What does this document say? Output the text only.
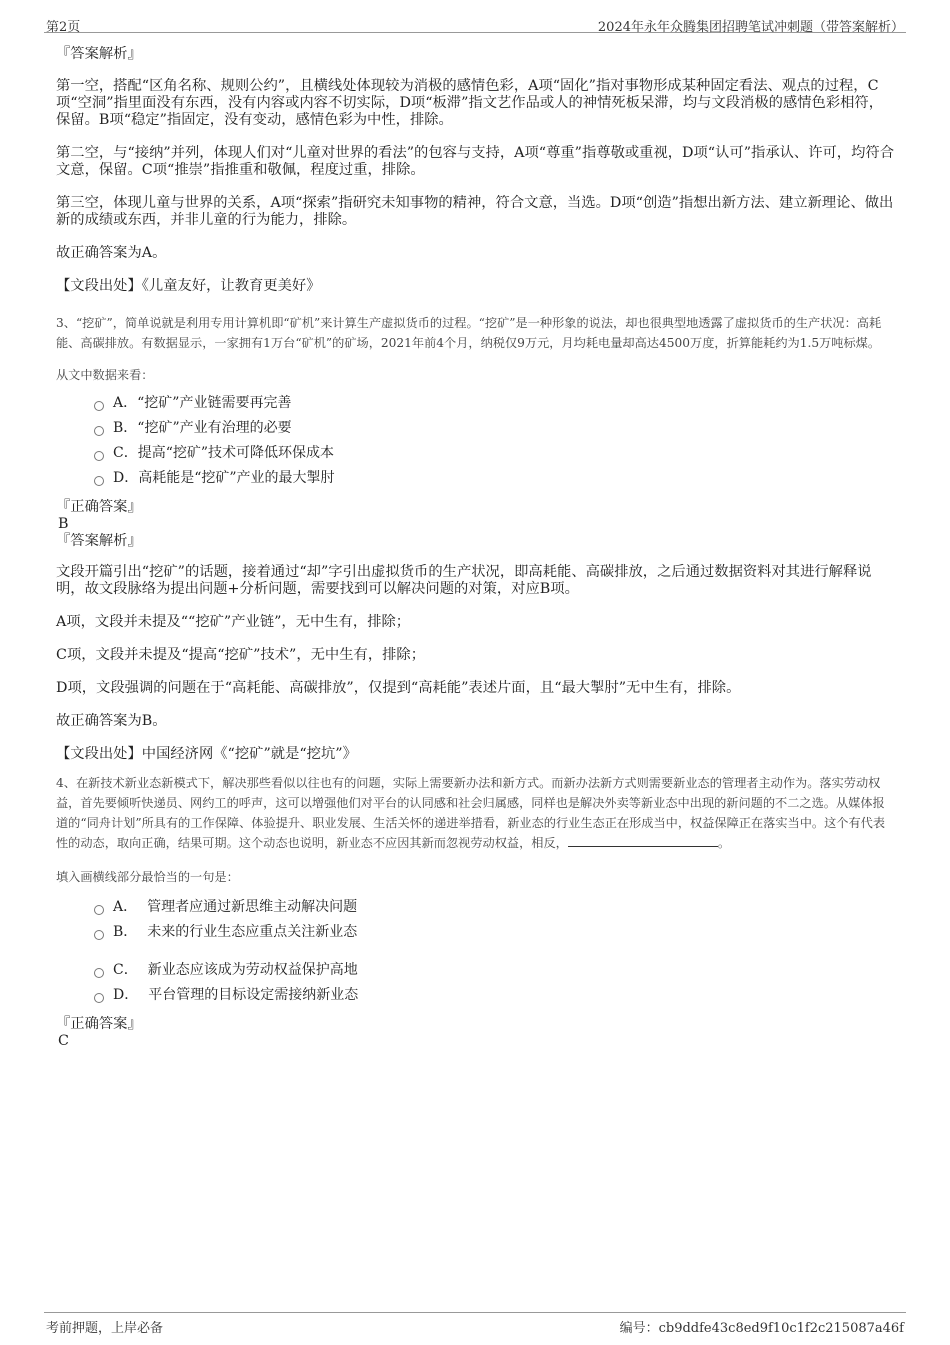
第2页	2024年永年众腾集团招聘笔试冲刺题（带答案解析）

『答案解析』

第一空，搭配“区角名称、规则公约”，且横线处体现较为消极的感情色彩，A项“固化”指对事物形成某种固定看法、观点的过程，C项“空洞”指里面没有东西，没有内容或内容不切实际，D项“板滞”指文艺作品或人的神情死板呆滞，均与文段消极的感情色彩相符，保留。B项“稳定”指固定，没有变动，感情色彩为中性，排除。

第二空，与“接纳”并列，体现人们对“儿童对世界的看法”的包容与支持，A项“尊重”指尊敬或重视，D项“认可”指承认、许可，均符合文意，保留。C项“推崇”指推重和敬佩，程度过重，排除。

第三空，体现儿童与世界的关系，A项“探索”指研究未知事物的精神，符合文意，当选。D项“创造”指想出新方法、建立新理论、做出新的成绩或东西，并非儿童的行为能力，排除。

故正确答案为A。

【文段出处】《儿童友好，让教育更美好》

3、“挖矿”，简单说就是利用专用计算机即“矿机”来计算生产虚拟货币的过程。“挖矿”是一种形象的说法，却也很典型地透露了虚拟货币的生产状况：高耗能、高碳排放。有数据显示，一家拥有1万台“矿机”的矿场，2021年前4个月，纳税仅9万元，月均耗电量却高达4500万度，折算能耗约为1.5万吨标煤。

从文中数据来看：

A． “挖矿”产业链需要再完善
B． “挖矿”产业有治理的必要
C． 提高“挖矿”技术可降低环保成本
D． 高耗能是“挖矿”产业的最大掣肘

『正确答案』

B

『答案解析』

文段开篇引出“挖矿”的话题，接着通过“却”字引出虚拟货币的生产状况，即高耗能、高碳排放，之后通过数据资料对其进行解释说明，故文段脉络为提出问题+分析问题，需要找到可以解决问题的对策，对应B项。

A项，文段并未提及““挖矿”产业链”，无中生有，排除；

C项，文段并未提及“提高“挖矿”技术”，无中生有，排除；

D项，文段强调的问题在于“高耗能、高碳排放”，仅提到“高耗能”表述片面，且“最大掣肘”无中生有，排除。

故正确答案为B。

【文段出处】中国经济网《“挖矿”就是“挖坑”》

4、在新技术新业态新模式下，解决那些看似以往也有的问题，实际上需要新办法和新方式。而新办法新方式则需要新业态的管理者主动作为。落实劳动权益，首先要倾听快递员、网约工的呼声，这可以增强他们对平台的认同感和社会归属感，同样也是解决外卖等新业态中出现的新问题的不二之选。从媒体报道的“同舟计划”所具有的工作保障、体验提升、职业发展、生活关怀的递进举措看，新业态的行业生态正在形成当中，权益保障正在落实当中。这个有代表性的动态，取向正确，结果可期。这个动态也说明，新业态不应因其新而忽视劳动权益，相反，	。

填入画横线部分最恰当的一句是：

A． 管理者应通过新思维主动解决问题
B． 未来的行业生态应重点关注新业态
C． 新业态应该成为劳动权益保护高地
D． 平台管理的目标设定需接纳新业态

『正确答案』

C

考前押题，上岸必备	编号：cb9ddfe43c8ed9f10c1f2c215087a46f
